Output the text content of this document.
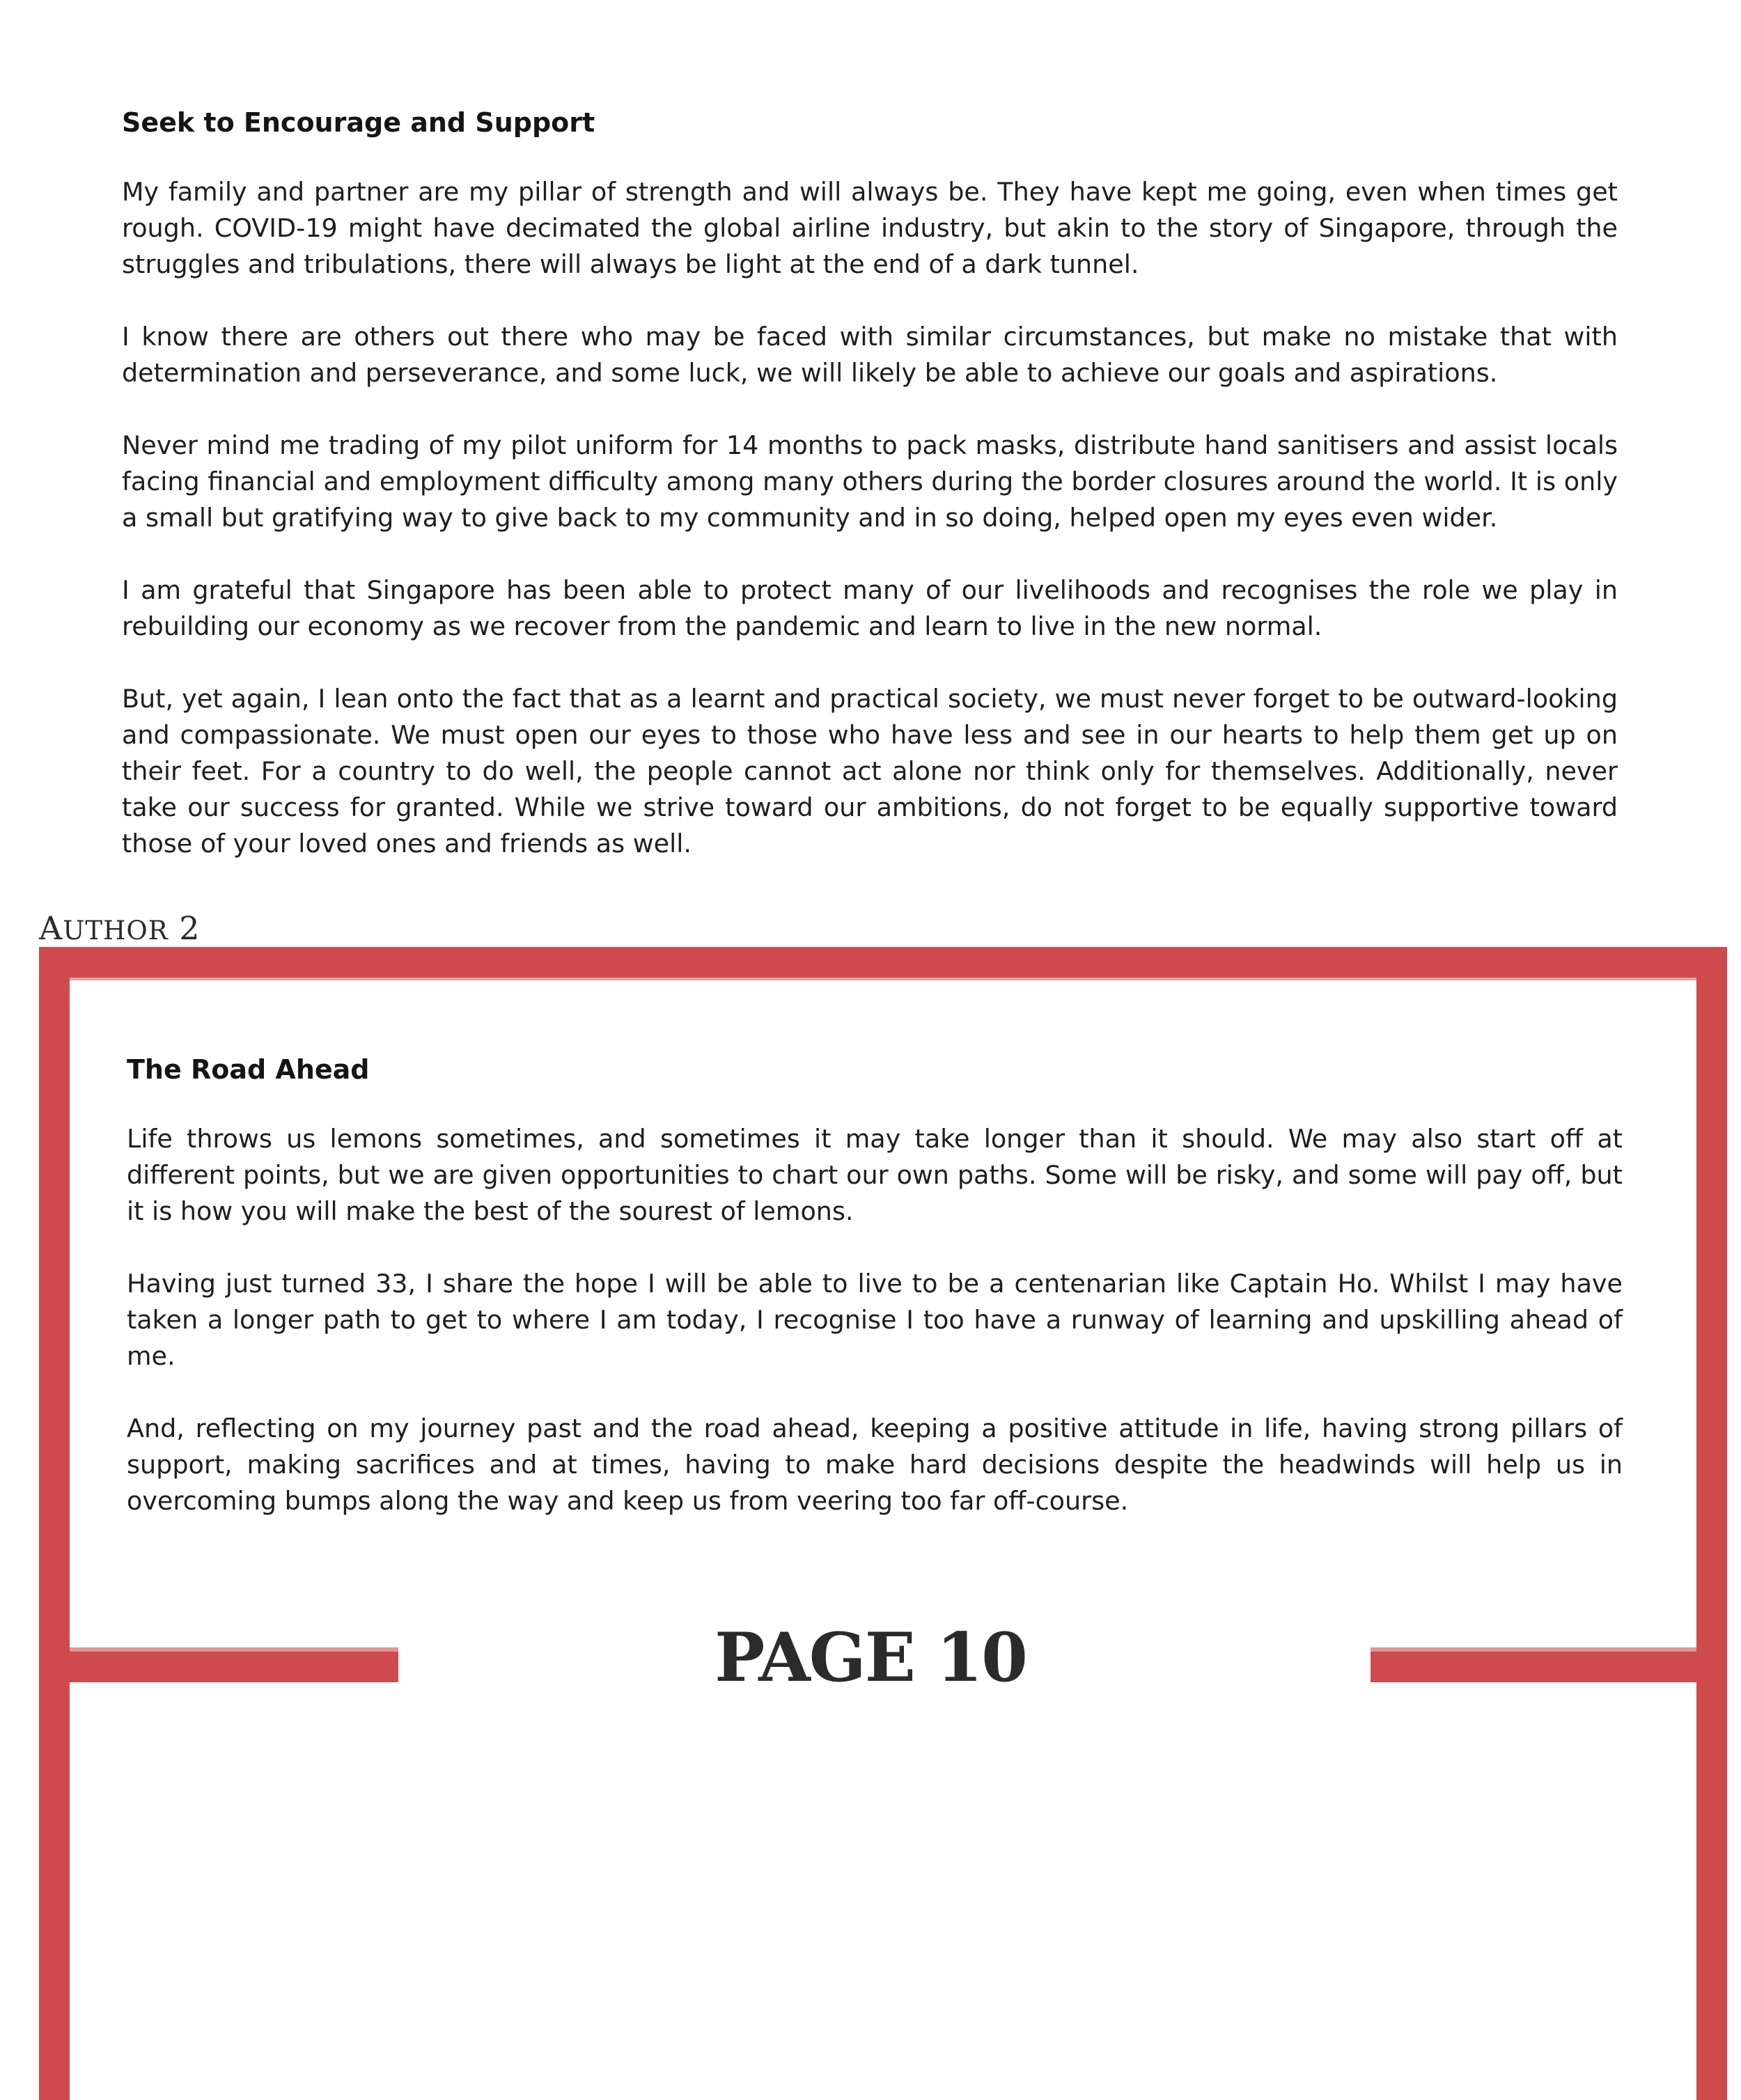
Seek to Encourage and Support

My family and partner are my pillar of strength and will always be. They have kept me going, even when times get rough. COVID-19 might have decimated the global airline industry, but akin to the story of Singapore, through the struggles and tribulations, there will always be light at the end of a dark tunnel.

I know there are others out there who may be faced with similar circumstances, but make no mistake that with determination and perseverance, and some luck, we will likely be able to achieve our goals and aspirations.

Never mind me trading of my pilot uniform for 14 months to pack masks, distribute hand sanitisers and assist locals facing financial and employment difficulty among many others during the border closures around the world. It is only a small but gratifying way to give back to my community and in so doing, helped open my eyes even wider.

I am grateful that Singapore has been able to protect many of our livelihoods and recognises the role we play in rebuilding our economy as we recover from the pandemic and learn to live in the new normal.

But, yet again, I lean onto the fact that as a learnt and practical society, we must never forget to be outward-looking and compassionate. We must open our eyes to those who have less and see in our hearts to help them get up on their feet. For a country to do well, the people cannot act alone nor think only for themselves. Additionally, never take our success for granted. While we strive toward our ambitions, do not forget to be equally supportive toward those of your loved ones and friends as well.

AUTHOR 2
The Road Ahead

Life throws us lemons sometimes, and sometimes it may take longer than it should. We may also start off at different points, but we are given opportunities to chart our own paths. Some will be risky, and some will pay off, but it is how you will make the best of the sourest of lemons.

Having just turned 33, I share the hope I will be able to live to be a centenarian like Captain Ho. Whilst I may have taken a longer path to get to where I am today, I recognise I too have a runway of learning and upskilling ahead of me.

And, reflecting on my journey past and the road ahead, keeping a positive attitude in life, having strong pillars of support, making sacrifices and at times, having to make hard decisions despite the headwinds will help us in overcoming bumps along the way and keep us from veering too far off-course.

PAGE 10
